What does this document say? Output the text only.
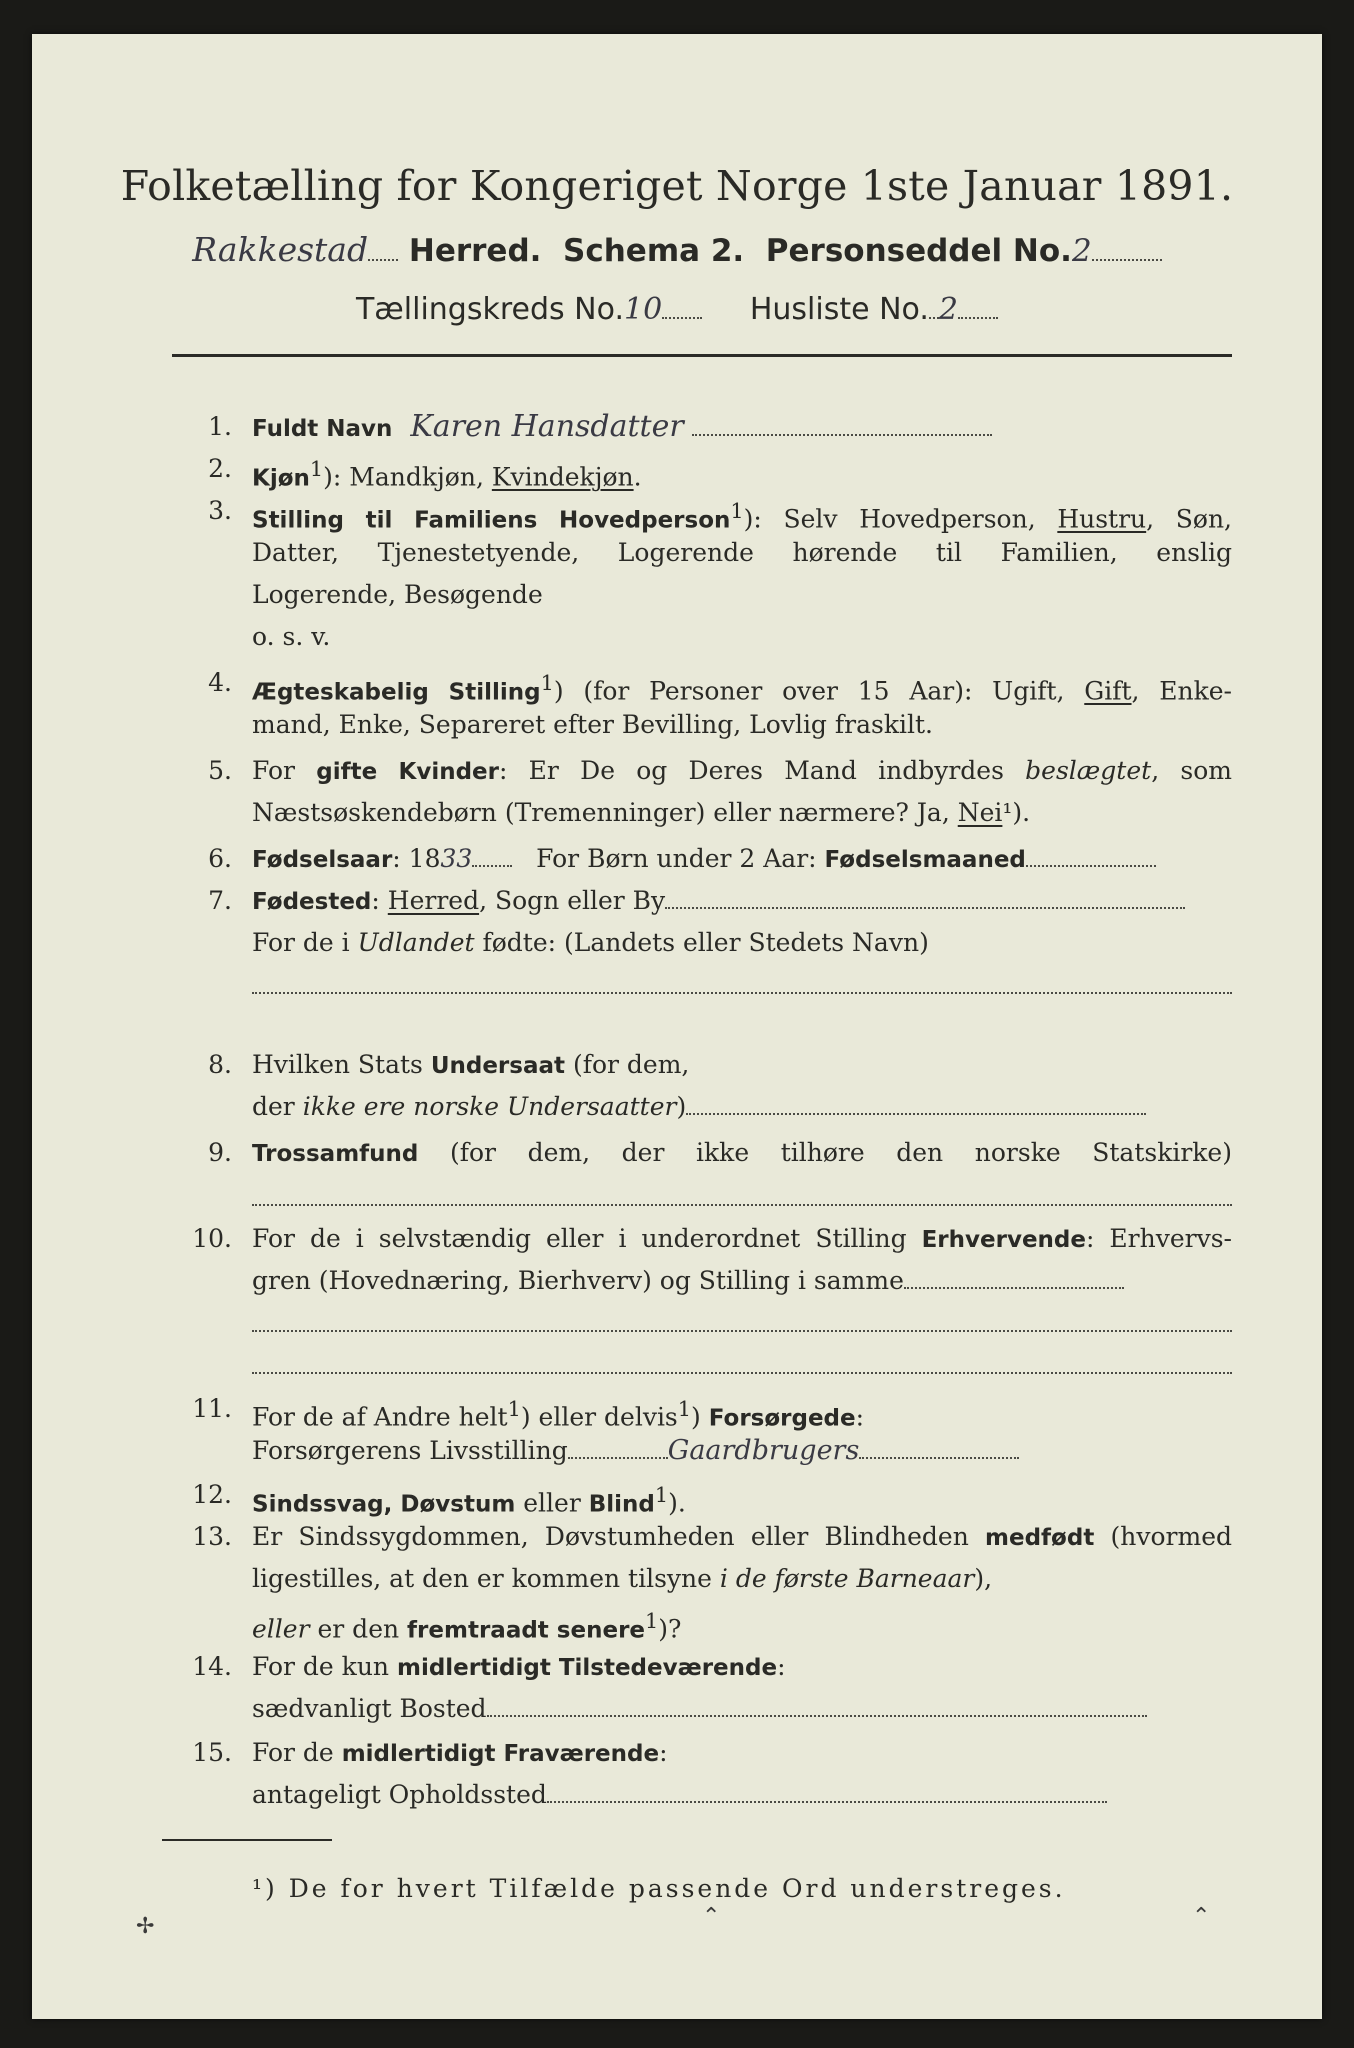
Folketælling for Kongeriget Norge 1ste Januar 1891.
Rakkestad Herred. Schema 2. Personseddel No.2
Tællingskreds No.10	Husliste No. 2
1. Fuldt Navn Karen Hansdatter
2. Kjøn$^1$): Mandkjøn, Kvindekjøn.
3. Stilling til Familiens Hovedperson$^1$): Selv Hovedperson, Hustru, Søn,
Datter, Tjenestetyende, Logerende hørende til Familien, enslig
Logerende, Besøgende
o. s. v.
4. Ægteskabelig Stilling$^1$) (for Personer over 15 Aar): Ugift, Gift, Enke-
mand, Enke, Separeret efter Bevilling, Lovlig fraskilt.
5. For gifte Kvinder: Er De og Deres Mand indbyrdes beslægtet, som
Næstsøskendebørn (Tremenninger) eller nærmere? Ja, Nei¹).
6. Fødselsaar: 1833	For Børn under 2 Aar: Fødselsmaaned
7. Fødested: Herred, Sogn eller By
For de i Udlandet fødte: (Landets eller Stedets Navn)
8. Hvilken Stats Undersaat (for dem,
der ikke ere norske Undersaatter)
9. Trossamfund (for dem, der ikke tilhøre den norske Statskirke)
10. For de i selvstændig eller i underordnet Stilling Erhvervende: Erhvervs-
gren (Hovednæring, Bierhverv) og Stilling i samme
11. For de af Andre helt$^1$) eller delvis$^1$) Forsørgede:
Forsørgerens Livsstilling	Gaardbrugers
12. Sindssvag, Døvstum eller Blind$^1$).
13. Er Sindssygdommen, Døvstumheden eller Blindheden medfødt (hvormed
ligestilles, at den er kommen tilsyne i de første Barneaar),
eller er den fremtraadt senere$^1$)?
14. For de kun midlertidigt Tilstedeværende:
sædvanligt Bosted
15. For de midlertidigt Fraværende:
antageligt Opholdssted
¹) De for hvert Tilfælde passende Ord understreges.
✢	⌃	⌃
